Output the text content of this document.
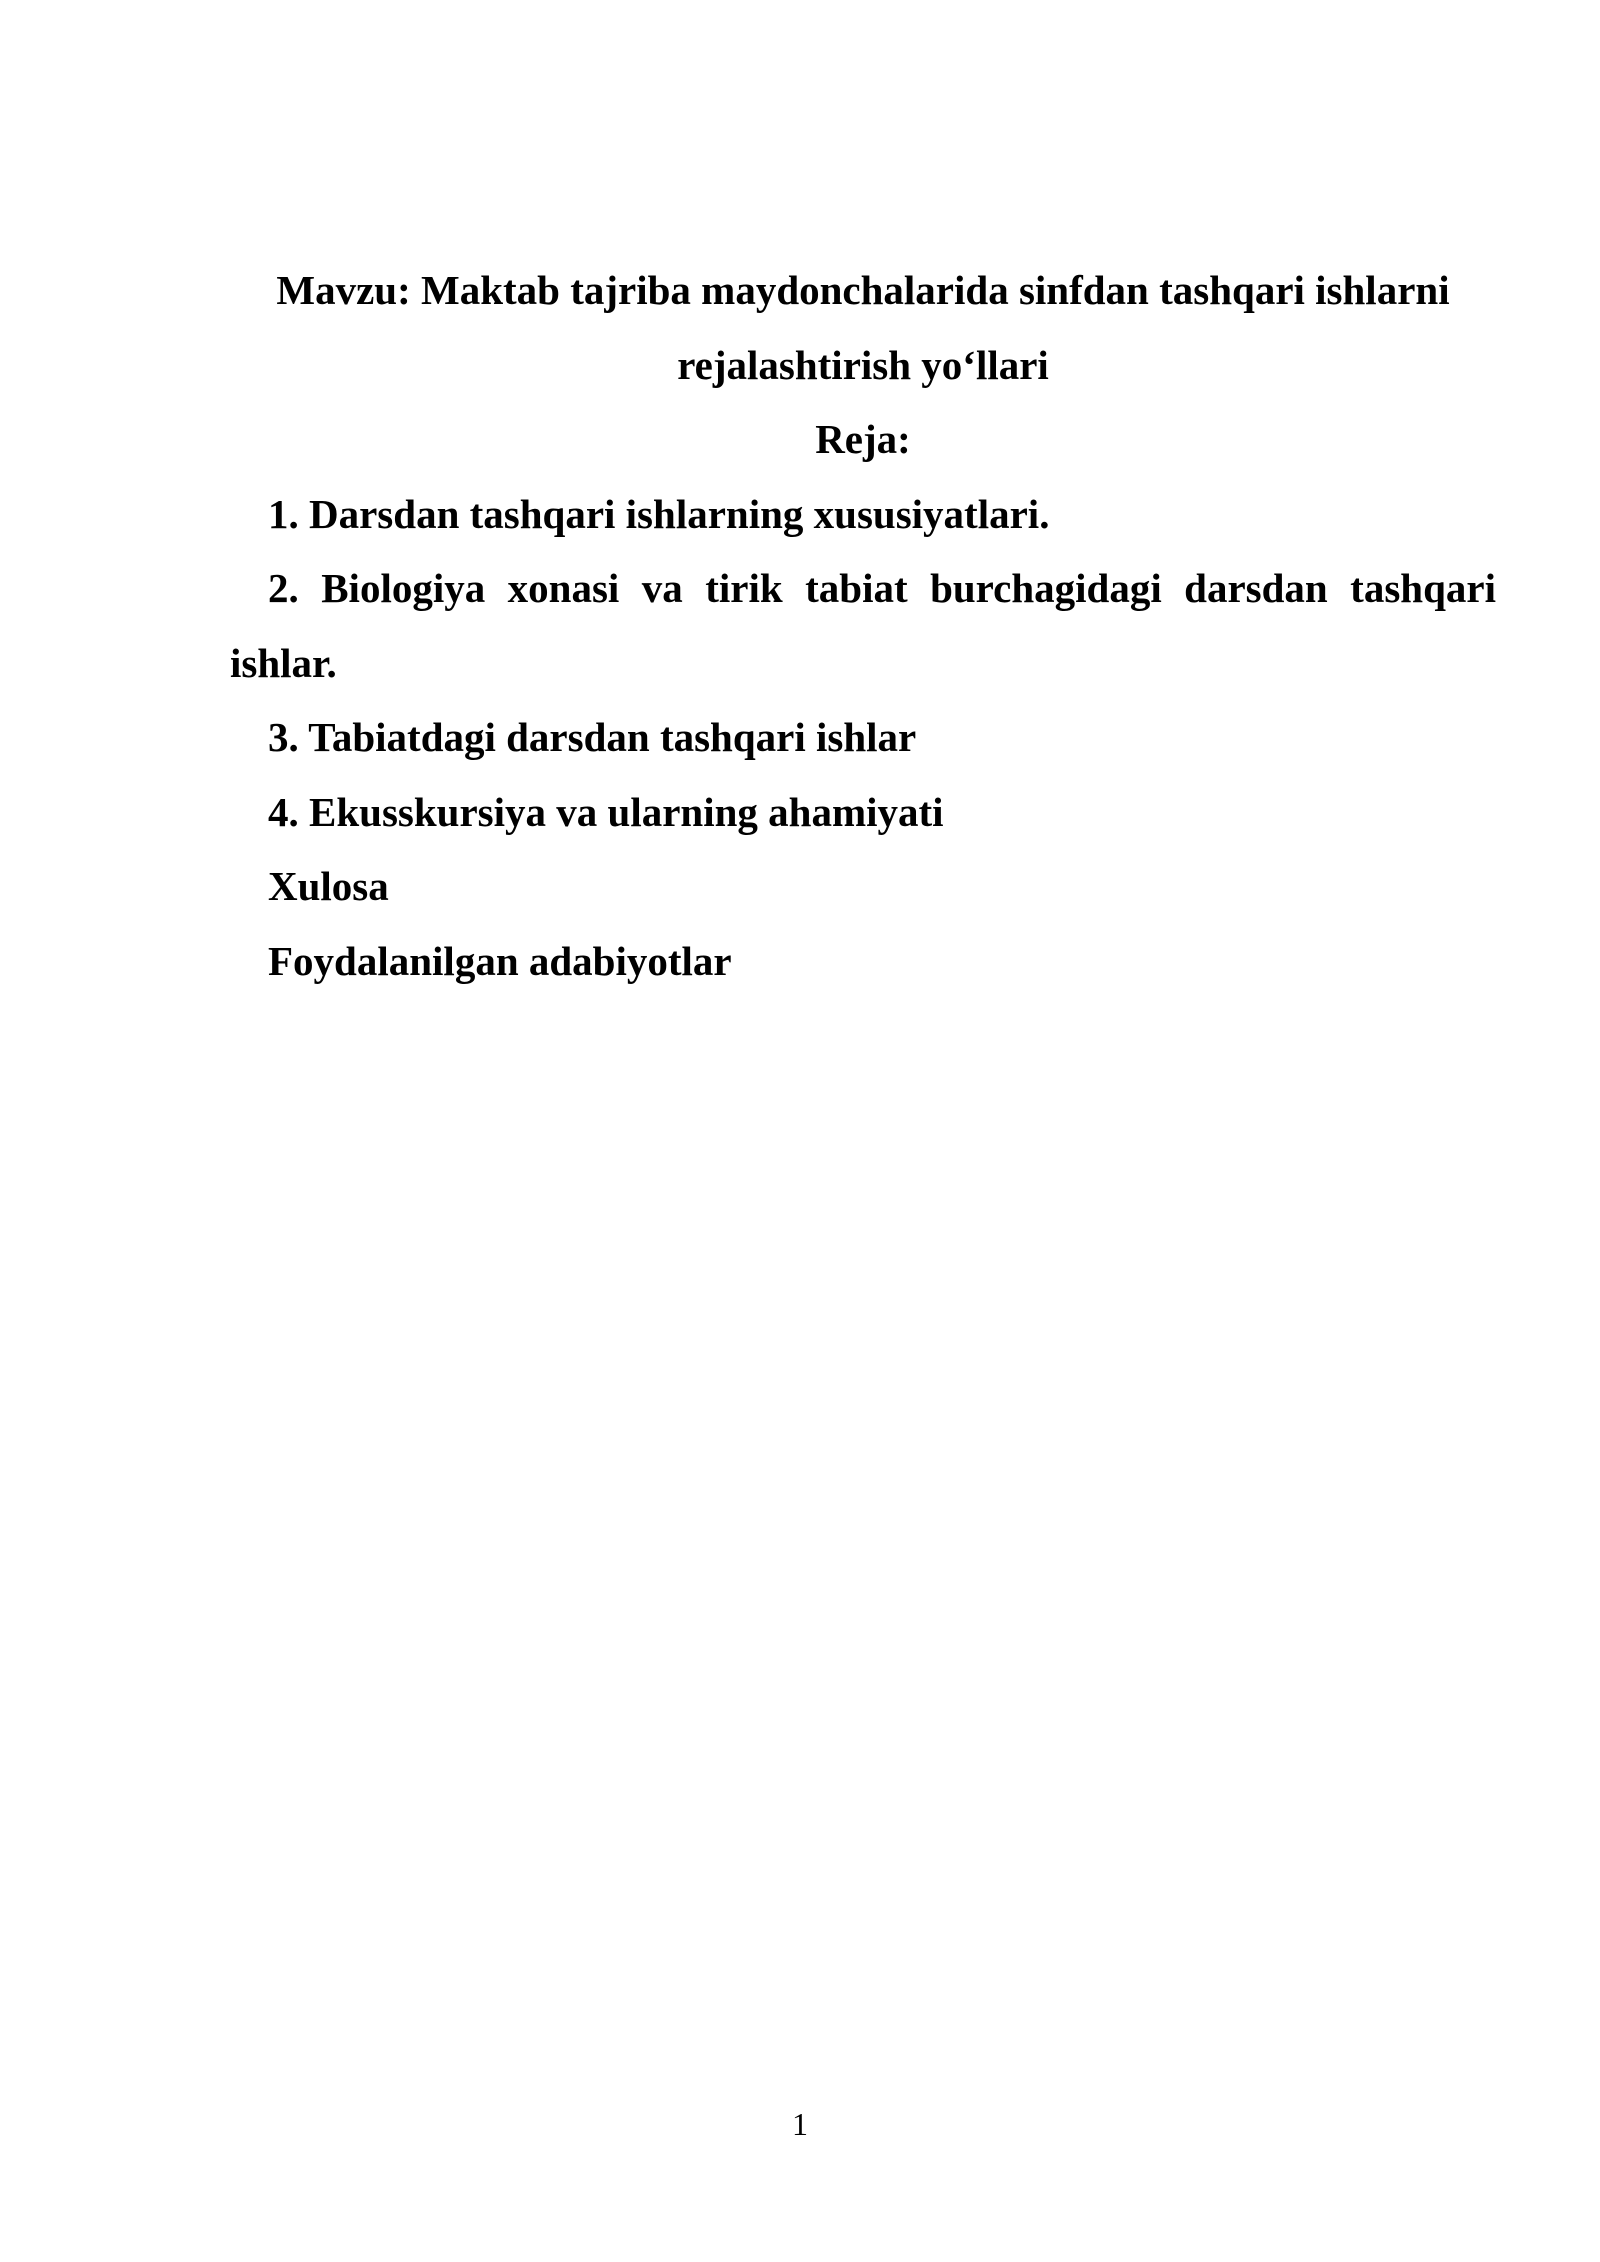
Mavzu: Maktab tajriba maydonchalarida sinfdan tashqari ishlarni

rejalashtirish yo‘llari

Reja:

1. Darsdan tashqari ishlarning xususiyatlari.

2. Biologiya xonasi va tirik tabiat burchagidagi darsdan tashqari
ishlar.

3. Tabiatdagi darsdan tashqari ishlar

4. Ekusskursiya va ularning ahamiyati

Xulosa

Foydalanilgan adabiyotlar

1
